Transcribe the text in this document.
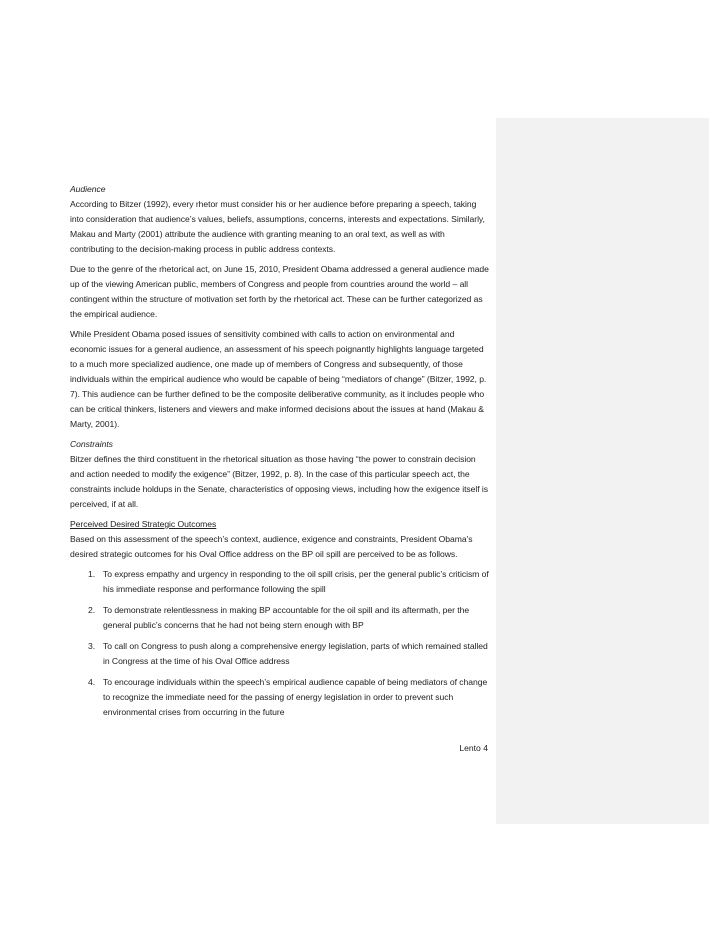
Audience
According to Bitzer (1992), every rhetor must consider his or her audience before preparing a speech, taking into consideration that audience’s values, beliefs, assumptions, concerns, interests and expectations. Similarly, Makau and Marty (2001) attribute the audience with granting meaning to an oral text, as well as with contributing to the decision-making process in public address contexts.

Due to the genre of the rhetorical act, on June 15, 2010, President Obama addressed a general audience made up of the viewing American public, members of Congress and people from countries around the world – all contingent within the structure of motivation set forth by the rhetorical act. These can be further categorized as the empirical audience.

While President Obama posed issues of sensitivity combined with calls to action on environmental and economic issues for a general audience, an assessment of his speech poignantly highlights language targeted to a much more specialized audience, one made up of members of Congress and subsequently, of those individuals within the empirical audience who would be capable of being “mediators of change” (Bitzer, 1992, p. 7). This audience can be further defined to be the composite deliberative community, as it includes people who can be critical thinkers, listeners and viewers and make informed decisions about the issues at hand (Makau & Marty, 2001).

Constraints
Bitzer defines the third constituent in the rhetorical situation as those having “the power to constrain decision and action needed to modify the exigence” (Bitzer, 1992, p. 8). In the case of this particular speech act, the constraints include holdups in the Senate, characteristics of opposing views, including how the exigence itself is perceived, if at all.

Perceived Desired Strategic Outcomes
Based on this assessment of the speech’s context, audience, exigence and constraints, President Obama’s desired strategic outcomes for his Oval Office address on the BP oil spill are perceived to be as follows.

1. To express empathy and urgency in responding to the oil spill crisis, per the general public’s criticism of his immediate response and performance following the spill
2. To demonstrate relentlessness in making BP accountable for the oil spill and its aftermath, per the general public’s concerns that he had not being stern enough with BP
3. To call on Congress to push along a comprehensive energy legislation, parts of which remained stalled in Congress at the time of his Oval Office address
4. To encourage individuals within the speech’s empirical audience capable of being mediators of change to recognize the immediate need for the passing of energy legislation in order to prevent such environmental crises from occurring in the future
Lento 4
